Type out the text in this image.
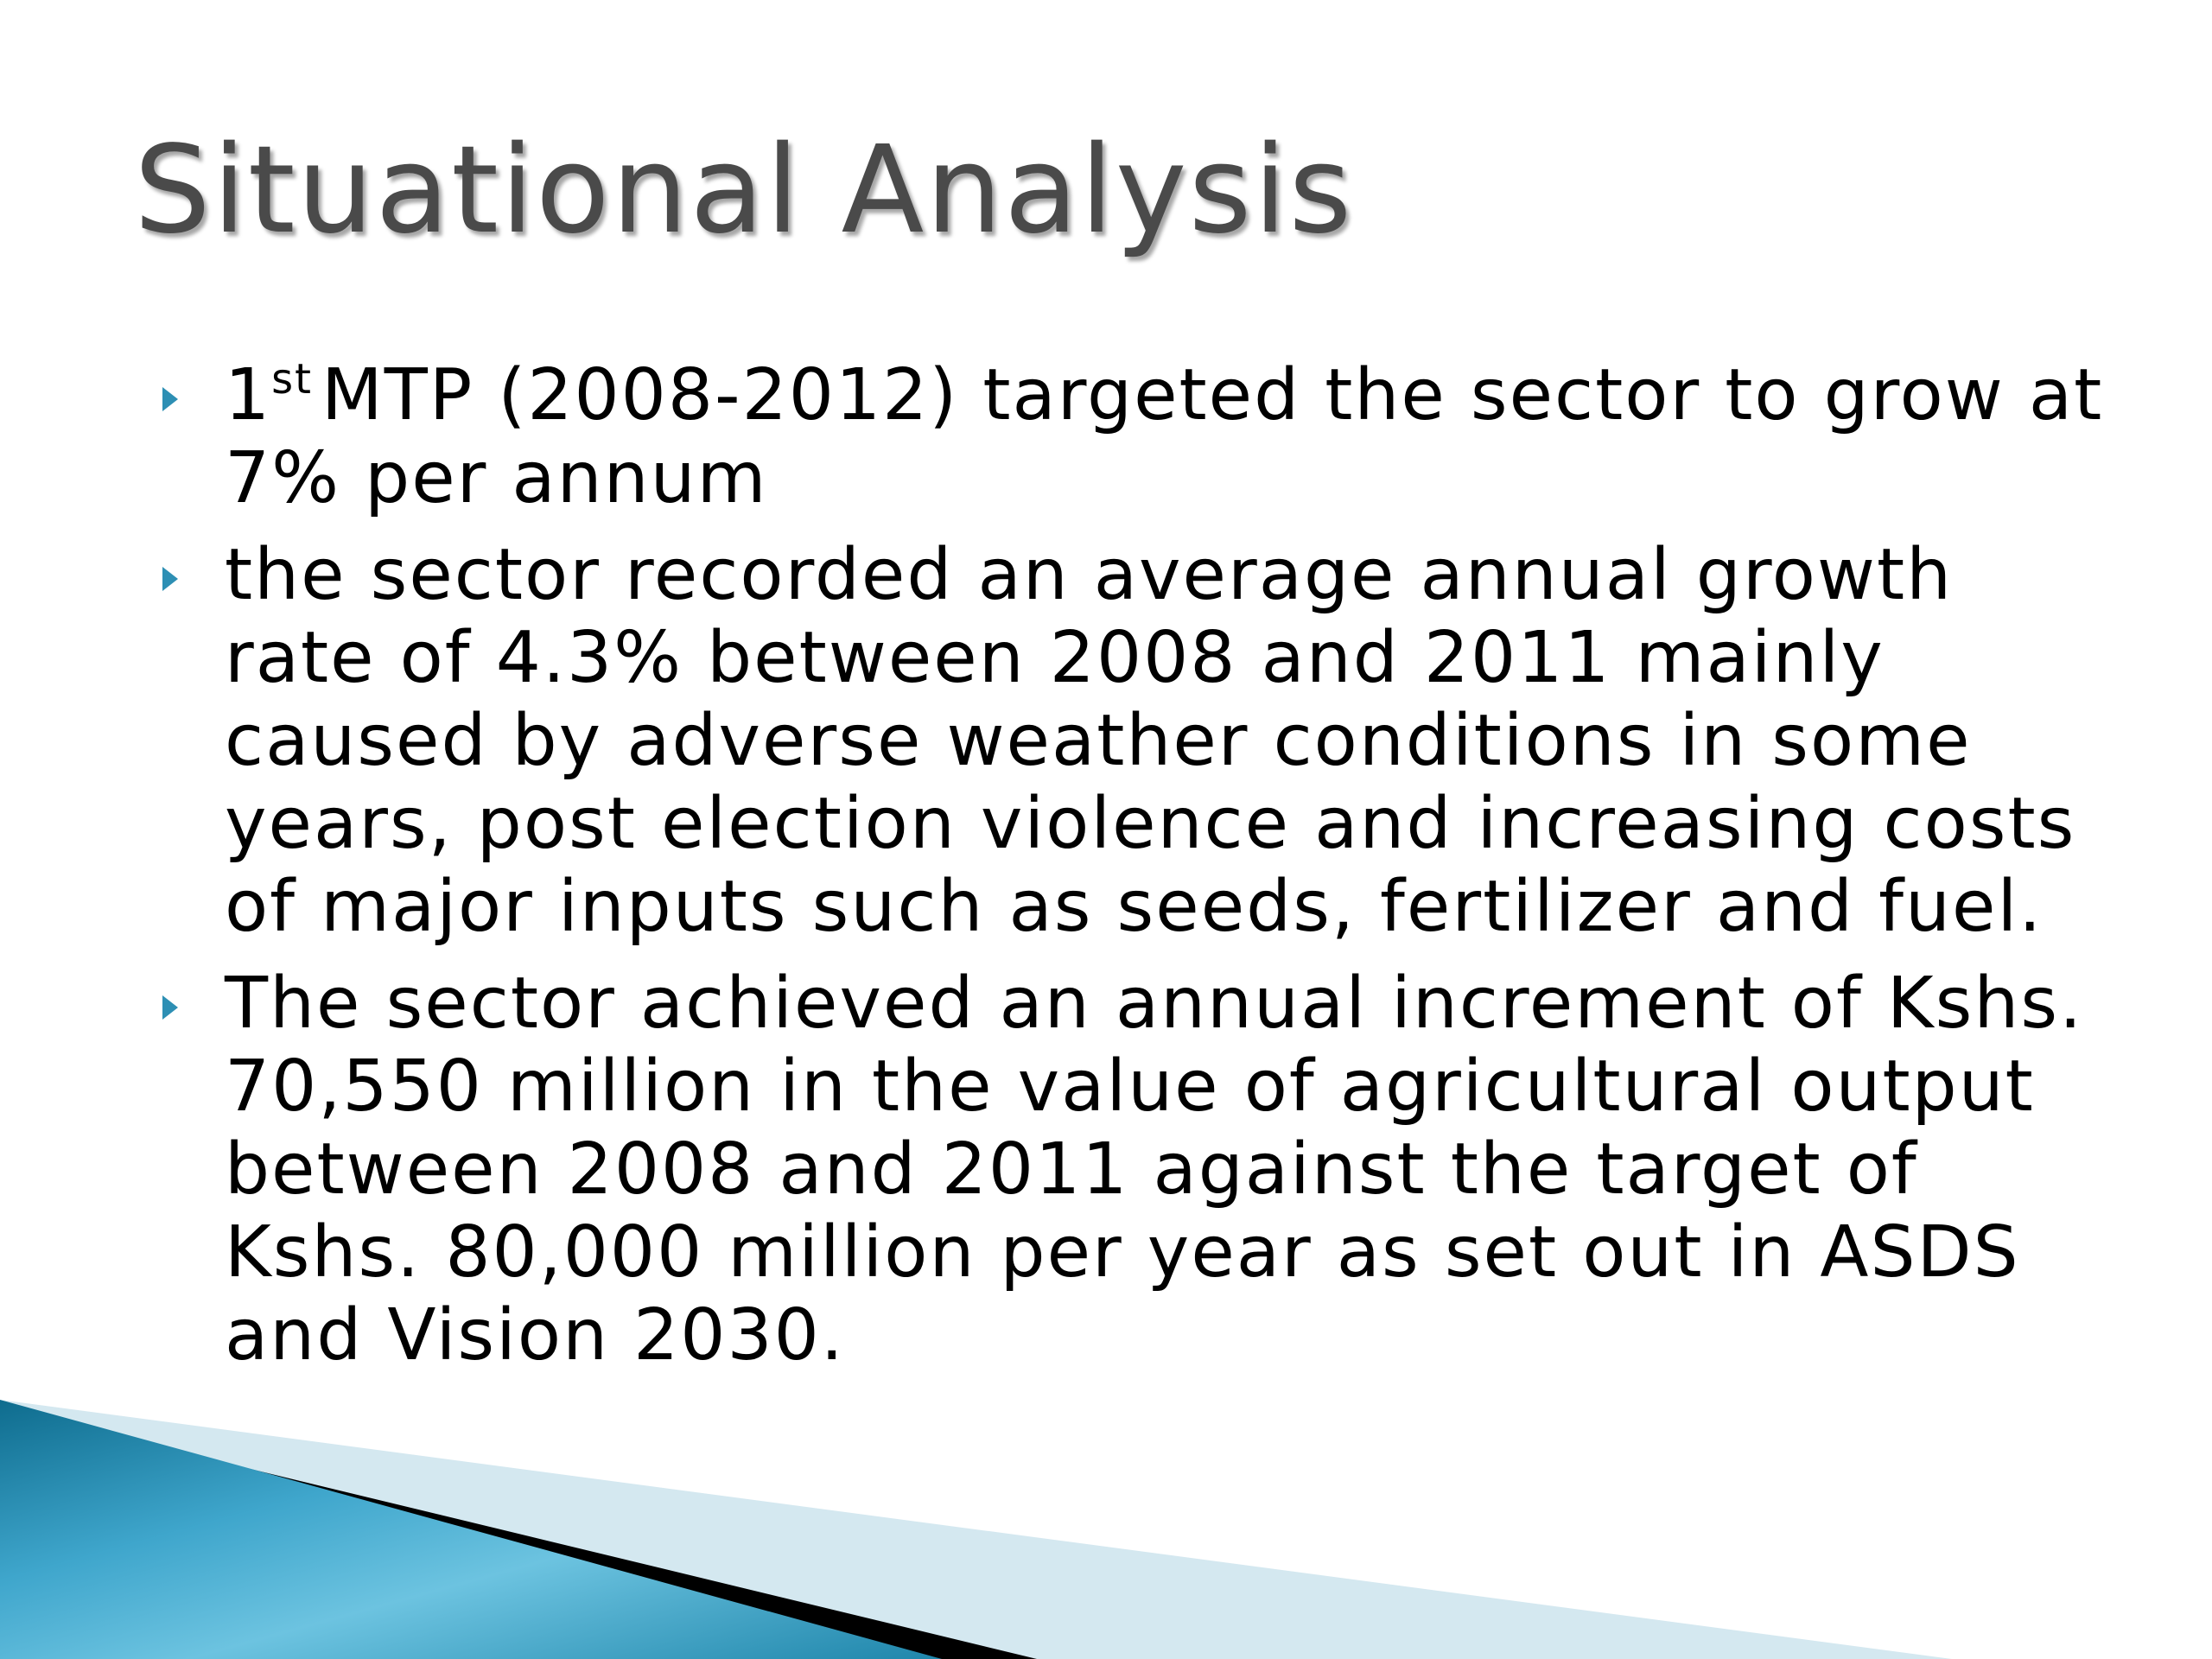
Situational Analysis
1st MTP (2008-2012) targeted the sector to grow at 7% per annum
the sector recorded an average annual growth rate of 4.3% between 2008 and 2011 mainly caused by adverse weather conditions in some years, post election violence and increasing costs of major inputs such as seeds, fertilizer and fuel.
The sector achieved an annual increment of Kshs. 70,550 million in the value of agricultural output between 2008 and 2011 against the target of Kshs. 80,000 million per year as set out in ASDS and Vision 2030.
